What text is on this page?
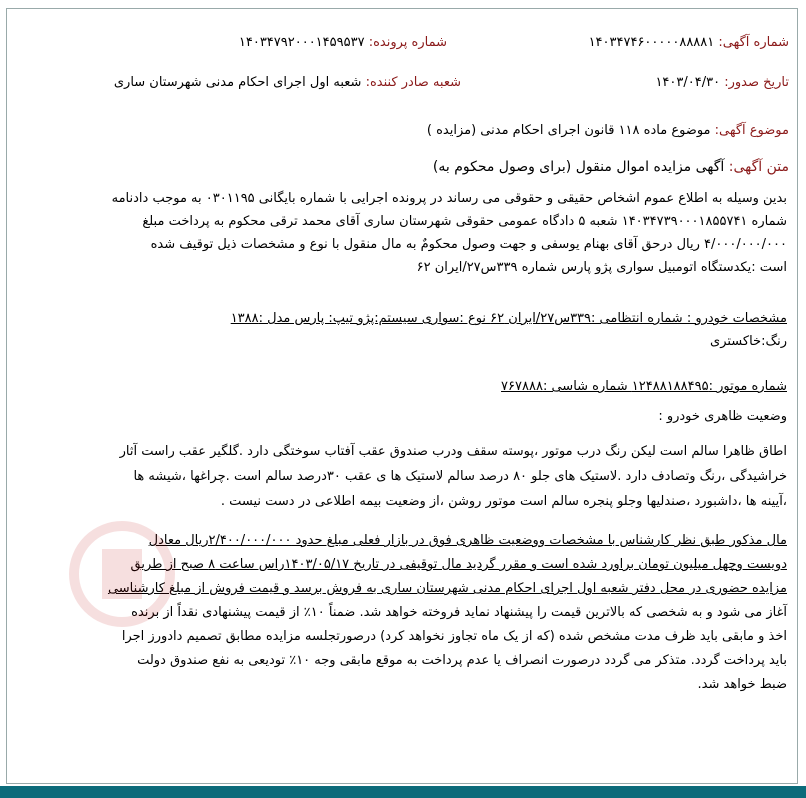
شماره آگهی: ۱۴۰۳۴۷۴۶۰۰۰۰۰۸۸۸۸۱
شماره پرونده: ۱۴۰۳۴۷۹۲۰۰۰۱۴۵۹۵۳۷
تاریخ صدور: ۱۴۰۳/۰۴/۳۰
شعبه صادر کننده: شعبه اول اجرای احکام مدنی شهرستان ساری
موضوع آگهی: موضوع ماده ۱۱۸ قانون اجرای احکام مدنی (مزایده )
متن آگهی: آگهی مزایده اموال منقول (برای وصول محکوم به)
بدین وسیله به اطلاع عموم اشخاص حقیقی و حقوقی می رساند در پرونده اجرایی با شماره بایگانی ۰۳۰۱۱۹۵ به موجب دادنامه
شماره ۱۴۰۳۴۷۳۹۰۰۰۱۸۵۵۷۴۱ شعبه ۵ دادگاه عمومی حقوقی شهرستان ساری آقای محمد ترقی محکوم به پرداخت مبلغ
۴/۰۰۰/۰۰۰/۰۰۰ ریال درحق آقای بهنام یوسفی و جهت وصول محکومٌ به مال منقول با نوع و مشخصات ذیل توقیف شده
است :یکدستگاه اتومبیل سواری پژو پارس شماره ۳۳۹س۲۷/ایران ۶۲
مشخصات خودرو : شماره انتظامی :۳۳۹س۲۷/ایران ۶۲ نوع :سواری سیستم:پژو تیپ: پارس مدل :۱۳۸۸
رنگ:خاکستری
شماره موتور :۱۲۴۸۸۱۸۸۴۹۵ شماره شاسی :۷۶۷۸۸۸
وضعیت ظاهری خودرو :
اطاق ظاهرا سالم است لیکن رنگ درب موتور ،پوسته سقف ودرب صندوق عقب آفتاب سوختگی دارد .گلگیر عقب راست آثار
خراشیدگی ،رنگ وتصادف دارد .لاستیک های جلو ۸۰ درصد سالم لاستیک ها ی عقب ۳۰درصد سالم است .چراغها ،شیشه ها
،آیینه ها ،داشبورد ،صندلیها وجلو پنجره سالم است موتور روشن ،از وضعیت بیمه اطلاعی در دست نیست .
مال مذکور طبق نظر کارشناس با مشخصات ووضعیت ظاهری فوق در بازار فعلی مبلغ حدود ۲/۴۰۰/۰۰۰/۰۰۰ریال معادل
دویست وچهل میلیون تومان براورد شده است و مقرر گردید مال توقیفی در تاریخ ۱۴۰۳/۰۵/۱۷راس ساعت ۸ صبح از طریق
مزایده حضوری در محل دفتر شعبه اول اجرای احکام مدنی شهرستان ساری به فروش برسد و قیمت فروش از مبلغ کارشناسی
آغاز می شود و به شخصی که بالاترین قیمت را پیشنهاد نماید فروخته خواهد شد. ضمناً ۱۰٪ از قیمت پیشنهادی نقداً از برنده
اخذ و مابقی باید ظرف مدت مشخص شده (که از یک ماه تجاوز نخواهد کرد) درصورتجلسه مزایده مطابق تصمیم دادورز اجرا
باید پرداخت گردد. متذکر می گردد درصورت انصراف یا عدم پرداخت به موقع مابقی وجه ۱۰٪ تودیعی به نفع صندوق دولت
ضبط خواهد شد.
